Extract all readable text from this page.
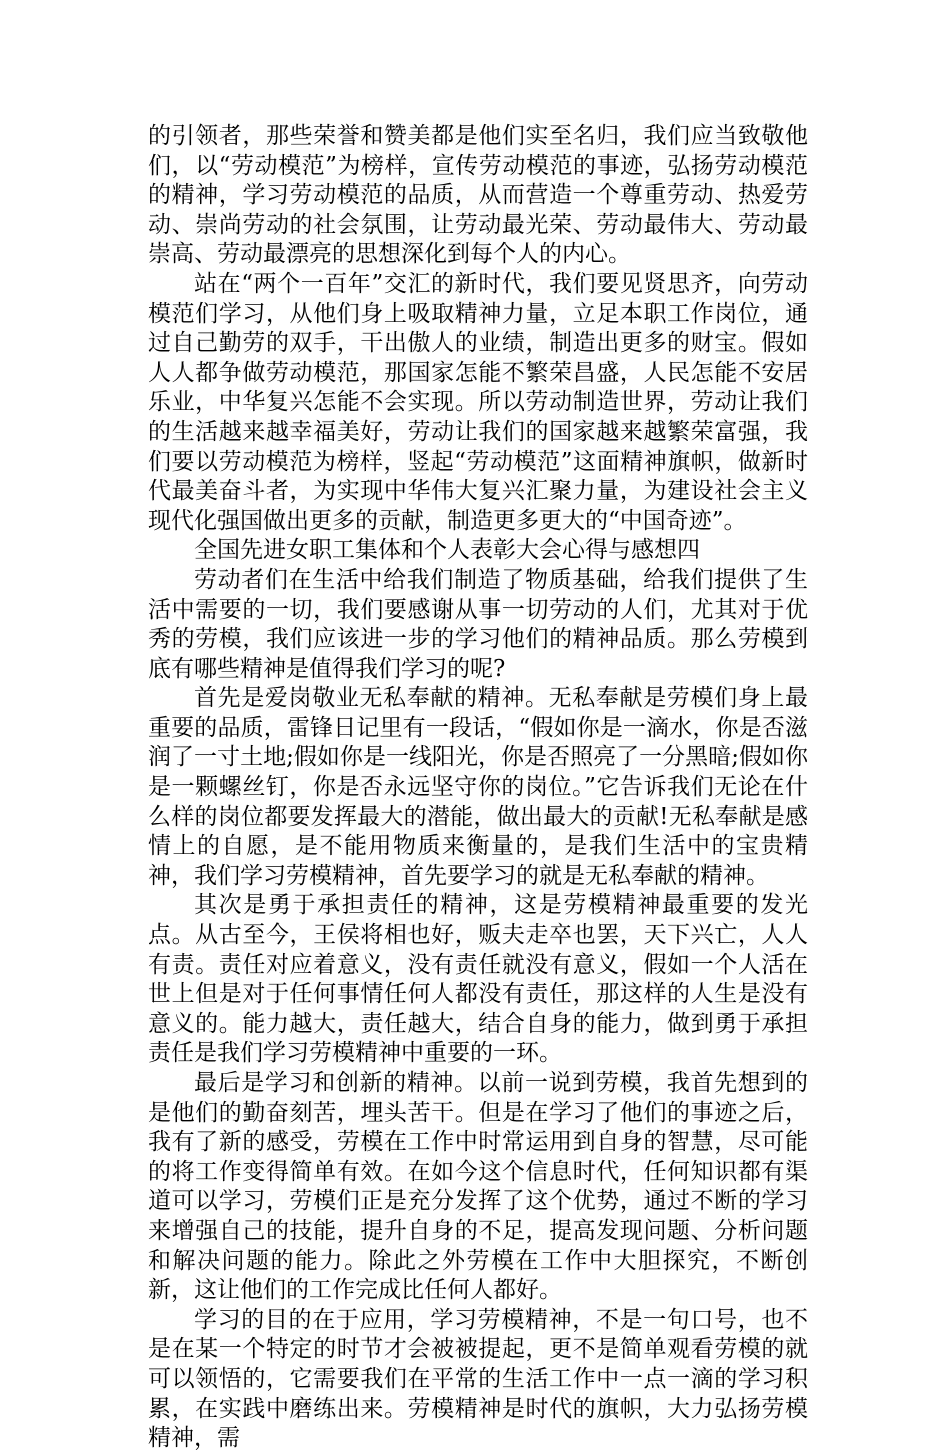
的引领者，那些荣誉和赞美都是他们实至名归，我们应当致敬他们，以“劳动模范”为榜样，宣传劳动模范的事迹，弘扬劳动模范的精神，学习劳动模范的品质，从而营造一个尊重劳动、热爱劳动、崇尚劳动的社会氛围，让劳动最光荣、劳动最伟大、劳动最崇高、劳动最漂亮的思想深化到每个人的内心。

站在“两个一百年”交汇的新时代，我们要见贤思齐，向劳动模范们学习，从他们身上吸取精神力量，立足本职工作岗位，通过自己勤劳的双手，干出傲人的业绩，制造出更多的财宝。假如人人都争做劳动模范，那国家怎能不繁荣昌盛，人民怎能不安居乐业，中华复兴怎能不会实现。所以劳动制造世界，劳动让我们的生活越来越幸福美好，劳动让我们的国家越来越繁荣富强，我们要以劳动模范为榜样，竖起“劳动模范”这面精神旗帜，做新时代最美奋斗者，为实现中华伟大复兴汇聚力量，为建设社会主义现代化强国做出更多的贡献，制造更多更大的“中国奇迹”。

全国先进女职工集体和个人表彰大会心得与感想四

劳动者们在生活中给我们制造了物质基础，给我们提供了生活中需要的一切，我们要感谢从事一切劳动的人们，尤其对于优秀的劳模，我们应该进一步的学习他们的精神品质。那么劳模到底有哪些精神是值得我们学习的呢?

首先是爱岗敬业无私奉献的精神。无私奉献是劳模们身上最重要的品质，雷锋日记里有一段话，“假如你是一滴水，你是否滋润了一寸土地;假如你是一线阳光，你是否照亮了一分黑暗;假如你是一颗螺丝钉，你是否永远坚守你的岗位。”它告诉我们无论在什么样的岗位都要发挥最大的潜能，做出最大的贡献!无私奉献是感情上的自愿，是不能用物质来衡量的，是我们生活中的宝贵精神，我们学习劳模精神，首先要学习的就是无私奉献的精神。

其次是勇于承担责任的精神，这是劳模精神最重要的发光点。从古至今，王侯将相也好，贩夫走卒也罢，天下兴亡，人人有责。责任对应着意义，没有责任就没有意义，假如一个人活在世上但是对于任何事情任何人都没有责任，那这样的人生是没有意义的。能力越大，责任越大，结合自身的能力，做到勇于承担责任是我们学习劳模精神中重要的一环。

最后是学习和创新的精神。以前一说到劳模，我首先想到的是他们的勤奋刻苦，埋头苦干。但是在学习了他们的事迹之后，我有了新的感受，劳模在工作中时常运用到自身的智慧，尽可能的将工作变得简单有效。在如今这个信息时代，任何知识都有渠道可以学习，劳模们正是充分发挥了这个优势，通过不断的学习来增强自己的技能，提升自身的不足，提高发现问题、分析问题和解决问题的能力。除此之外劳模在工作中大胆探究，不断创新，这让他们的工作完成比任何人都好。

学习的目的在于应用，学习劳模精神，不是一句口号，也不是在某一个特定的时节才会被被提起，更不是简单观看劳模的就可以领悟的，它需要我们在平常的生活工作中一点一滴的学习积累，在实践中磨练出来。劳模精神是时代的旗帜，大力弘扬劳模精神，需
